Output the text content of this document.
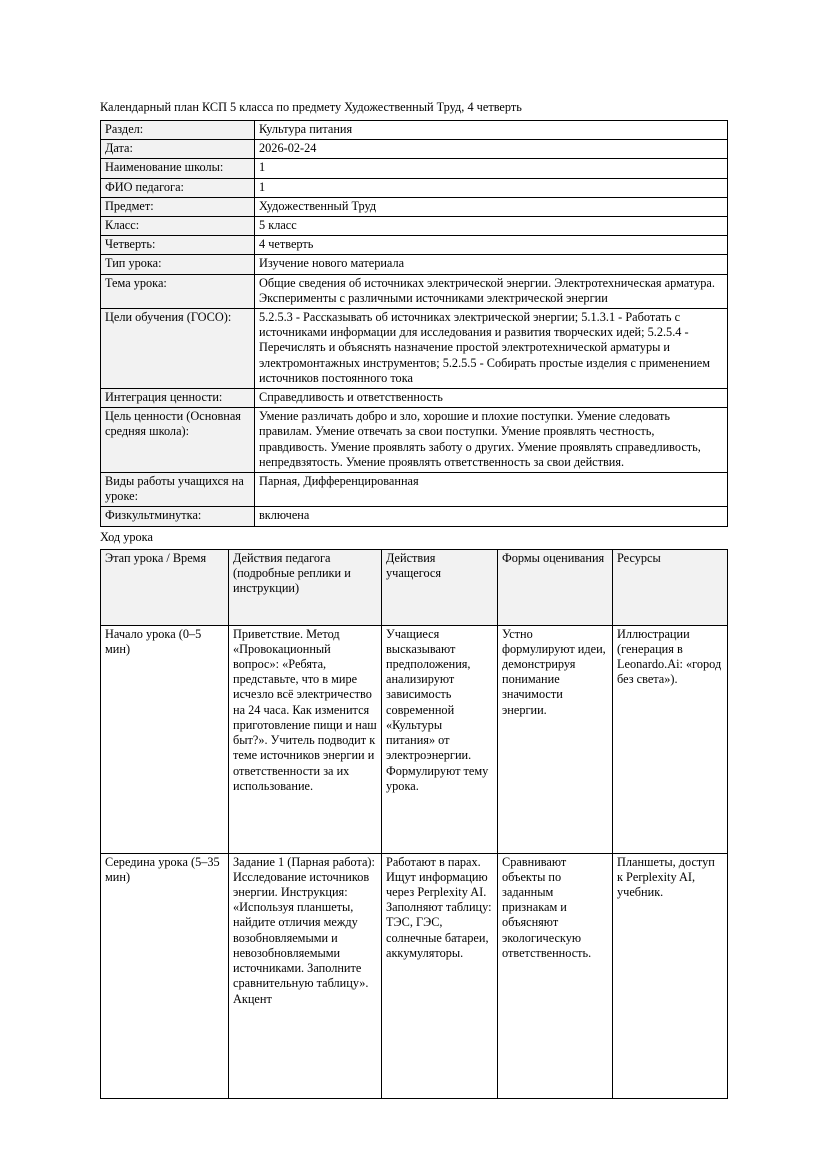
Календарный план КСП 5 класса по предмету Художественный Труд, 4 четверть

Раздел:	Культура питания
Дата:	2026-02-24
Наименование школы:	1
ФИО педагога:	1
Предмет:	Художественный Труд
Класс:	5 класс
Четверть:	4 четверть
Тип урока:	Изучение нового материала
Тема урока:	Общие сведения об источниках электрической энергии. Электротехническая арматура. Эксперименты с различными источниками электрической энергии
Цели обучения (ГОСО):	5.2.5.3 - Рассказывать об источниках электрической энергии; 5.1.3.1 - Работать с источниками информации для исследования и развития творческих идей; 5.2.5.4 - Перечислять и объяснять назначение простой электротехнической арматуры и электромонтажных инструментов; 5.2.5.5 - Собирать простые изделия с применением источников постоянного тока
Интеграция ценности:	Справедливость и ответственность
Цель ценности (Основная средняя школа):	Умение различать добро и зло, хорошие и плохие поступки. Умение следовать правилам. Умение отвечать за свои поступки. Умение проявлять честность, правдивость. Умение проявлять заботу о других. Умение проявлять справедливость, непредвзятость. Умение проявлять ответственность за свои действия.
Виды работы учащихся на уроке:	Парная, Дифференцированная
Физкультминутка:	включена

Ход урока

Этап урока / Время	Действия педагога (подробные реплики и инструкции)	Действия учащегося	Формы оценивания	Ресурсы
Начало урока (0–5 мин)	Приветствие. Метод «Провокационный вопрос»: «Ребята, представьте, что в мире исчезло всё электричество на 24 часа. Как изменится приготовление пищи и наш быт?». Учитель подводит к теме источников энергии и ответственности за их использование.	Учащиеся высказывают предположения, анализируют зависимость современной «Культуры питания» от электроэнергии. Формулируют тему урока.	Устно формулируют идеи, демонстрируя понимание значимости энергии.	Иллюстрации (генерация в Leonardo.Ai: «город без света»).
Середина урока (5–35 мин)	Задание 1 (Парная работа): Исследование источников энергии. Инструкция: «Используя планшеты, найдите отличия между возобновляемыми и невозобновляемыми источниками. Заполните сравнительную таблицу». Акцент	Работают в парах. Ищут информацию через Perplexity AI. Заполняют таблицу: ТЭС, ГЭС, солнечные батареи, аккумуляторы.	Сравнивают объекты по заданным признакам и объясняют экологическую ответственность.	Планшеты, доступ к Perplexity AI, учебник.
